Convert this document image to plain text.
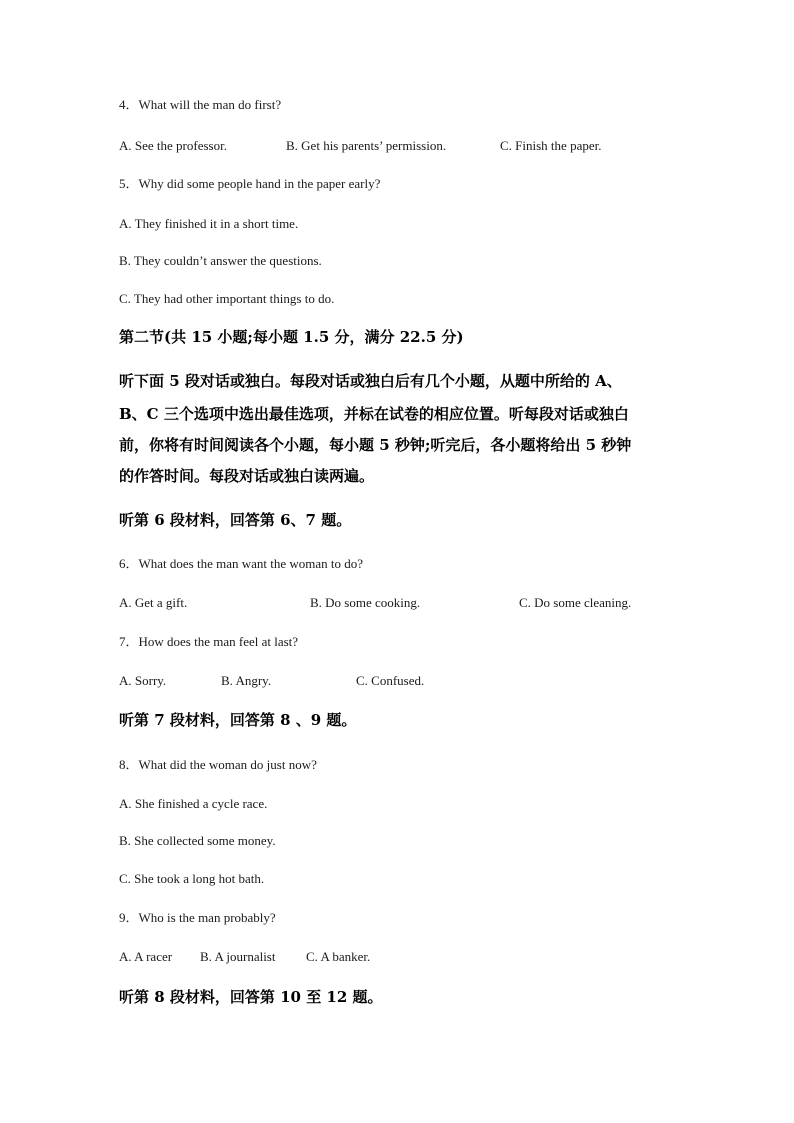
4．What will the man do first?
A. See the professor.	B. Get his parents’ permission.	C. Finish the paper.
5．Why did some people hand in the paper early?
A. They finished it in a short time.
B. They couldn’t answer the questions.
C. They had other important things to do.
第二节(共 15 小题;每小题 1.5 分，满分 22.5 分)
听下面 5 段对话或独白。每段对话或独白后有几个小题，从题中所给的 A、
B、C 三个选项中选出最佳选项，并标在试卷的相应位置。听每段对话或独白
前，你将有时间阅读各个小题，每小题 5 秒钟;听完后，各小题将给出 5 秒钟
的作答时间。每段对话或独白读两遍。
听第 6 段材料，回答第 6、7 题。
6．What does the man want the woman to do?
A. Get a gift.	B. Do some cooking.	C. Do some cleaning.
7．How does the man feel at last?
A. Sorry.	B. Angry.	C. Confused.
听第 7 段材料，回答第 8 、9 题。
8．What did the woman do just now?
A. She finished a cycle race.
B. She collected some money.
C. She took a long hot bath.
9．Who is the man probably?
A. A racer B. A journalist C. A banker.
听第 8 段材料，回答第 10 至 12 题。
